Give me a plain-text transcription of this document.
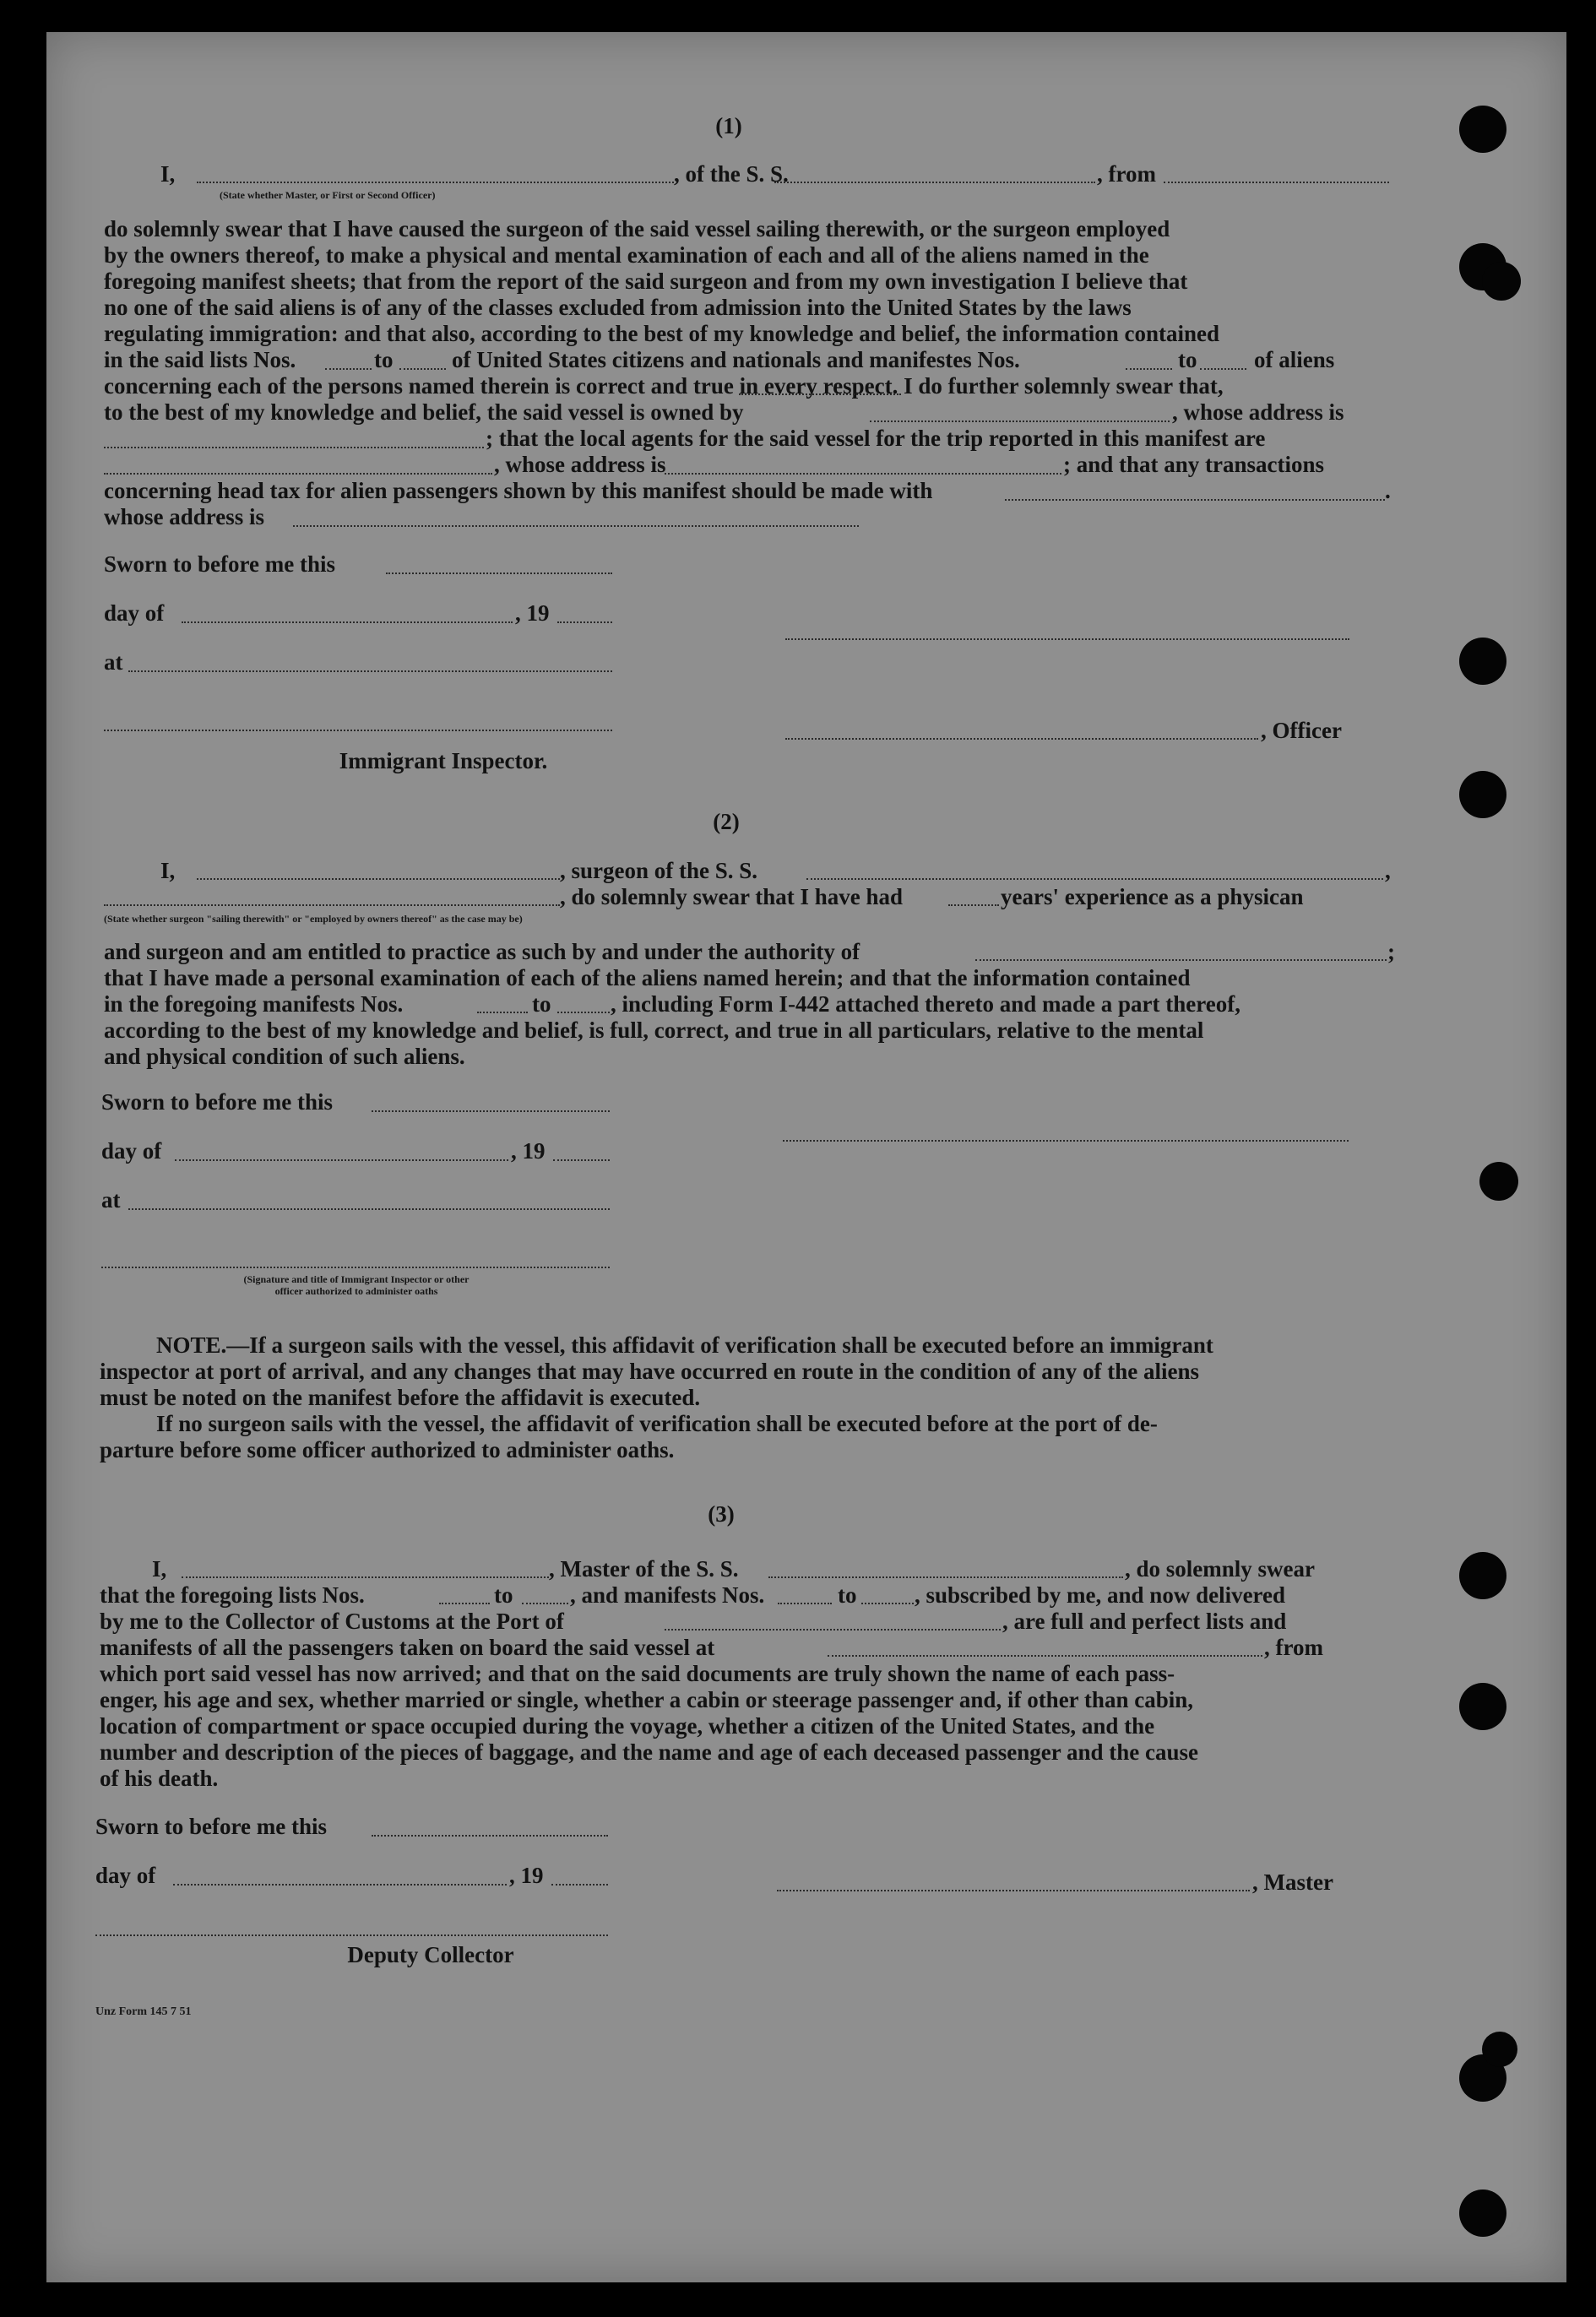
(1)
I,	, of the S. S.	, from
(State whether Master, or First or Second Officer)
do solemnly swear that I have caused the surgeon of the said vessel sailing therewith, or the surgeon employed
by the owners thereof, to make a physical and mental examination of each and all of the aliens named in the
foregoing manifest sheets; that from the report of the said surgeon and from my own investigation I believe that
no one of the said aliens is of any of the classes excluded from admission into the United States by the laws
regulating immigration: and that also, according to the best of my knowledge and belief, the information contained
in the said lists Nos.	to	of United States citizens and nationals and manifestes Nos.	to	of aliens
concerning each of the persons named therein is correct and true in every respect. I do further solemnly swear that,
to the best of my knowledge and belief, the said vessel is owned by	, whose address is
; that the local agents for the said vessel for the trip reported in this manifest are
, whose address is	; and that any transactions
concerning head tax for alien passengers shown by this manifest should be made with	.
whose address is
Sworn to before me this
day of	, 19
at
, Officer
Immigrant Inspector.
(2)
I,	, surgeon of the S. S.	,
, do solemnly swear that I have had	years' experience as a physican
(State whether surgeon "sailing therewith" or "employed by owners thereof" as the case may be)
and surgeon and am entitled to practice as such by and under the authority of	;
that I have made a personal examination of each of the aliens named herein; and that the information contained
in the foregoing manifests Nos.	to	, including Form I-442 attached thereto and made a part thereof,
according to the best of my knowledge and belief, is full, correct, and true in all particulars, relative to the mental
and physical condition of such aliens.
Sworn to before me this
day of	, 19
at
(Signature and title of Immigrant Inspector or other
officer authorized to administer oaths
NOTE.—If a surgeon sails with the vessel, this affidavit of verification shall be executed before an immigrant
inspector at port of arrival, and any changes that may have occurred en route in the condition of any of the aliens
must be noted on the manifest before the affidavit is executed.
If no surgeon sails with the vessel, the affidavit of verification shall be executed before at the port of de-
parture before some officer authorized to administer oaths.
(3)
I,	, Master of the S. S.	, do solemnly swear
that the foregoing lists Nos.	to	, and manifests Nos.	to	, subscribed by me, and now delivered
by me to the Collector of Customs at the Port of	, are full and perfect lists and
manifests of all the passengers taken on board the said vessel at	, from
which port said vessel has now arrived; and that on the said documents are truly shown the name of each pass-
enger, his age and sex, whether married or single, whether a cabin or steerage passenger and, if other than cabin,
location of compartment or space occupied during the voyage, whether a citizen of the United States, and the
number and description of the pieces of baggage, and the name and age of each deceased passenger and the cause
of his death.
Sworn to before me this
day of	, 19	, Master
Deputy Collector
Unz Form 145 7 51
